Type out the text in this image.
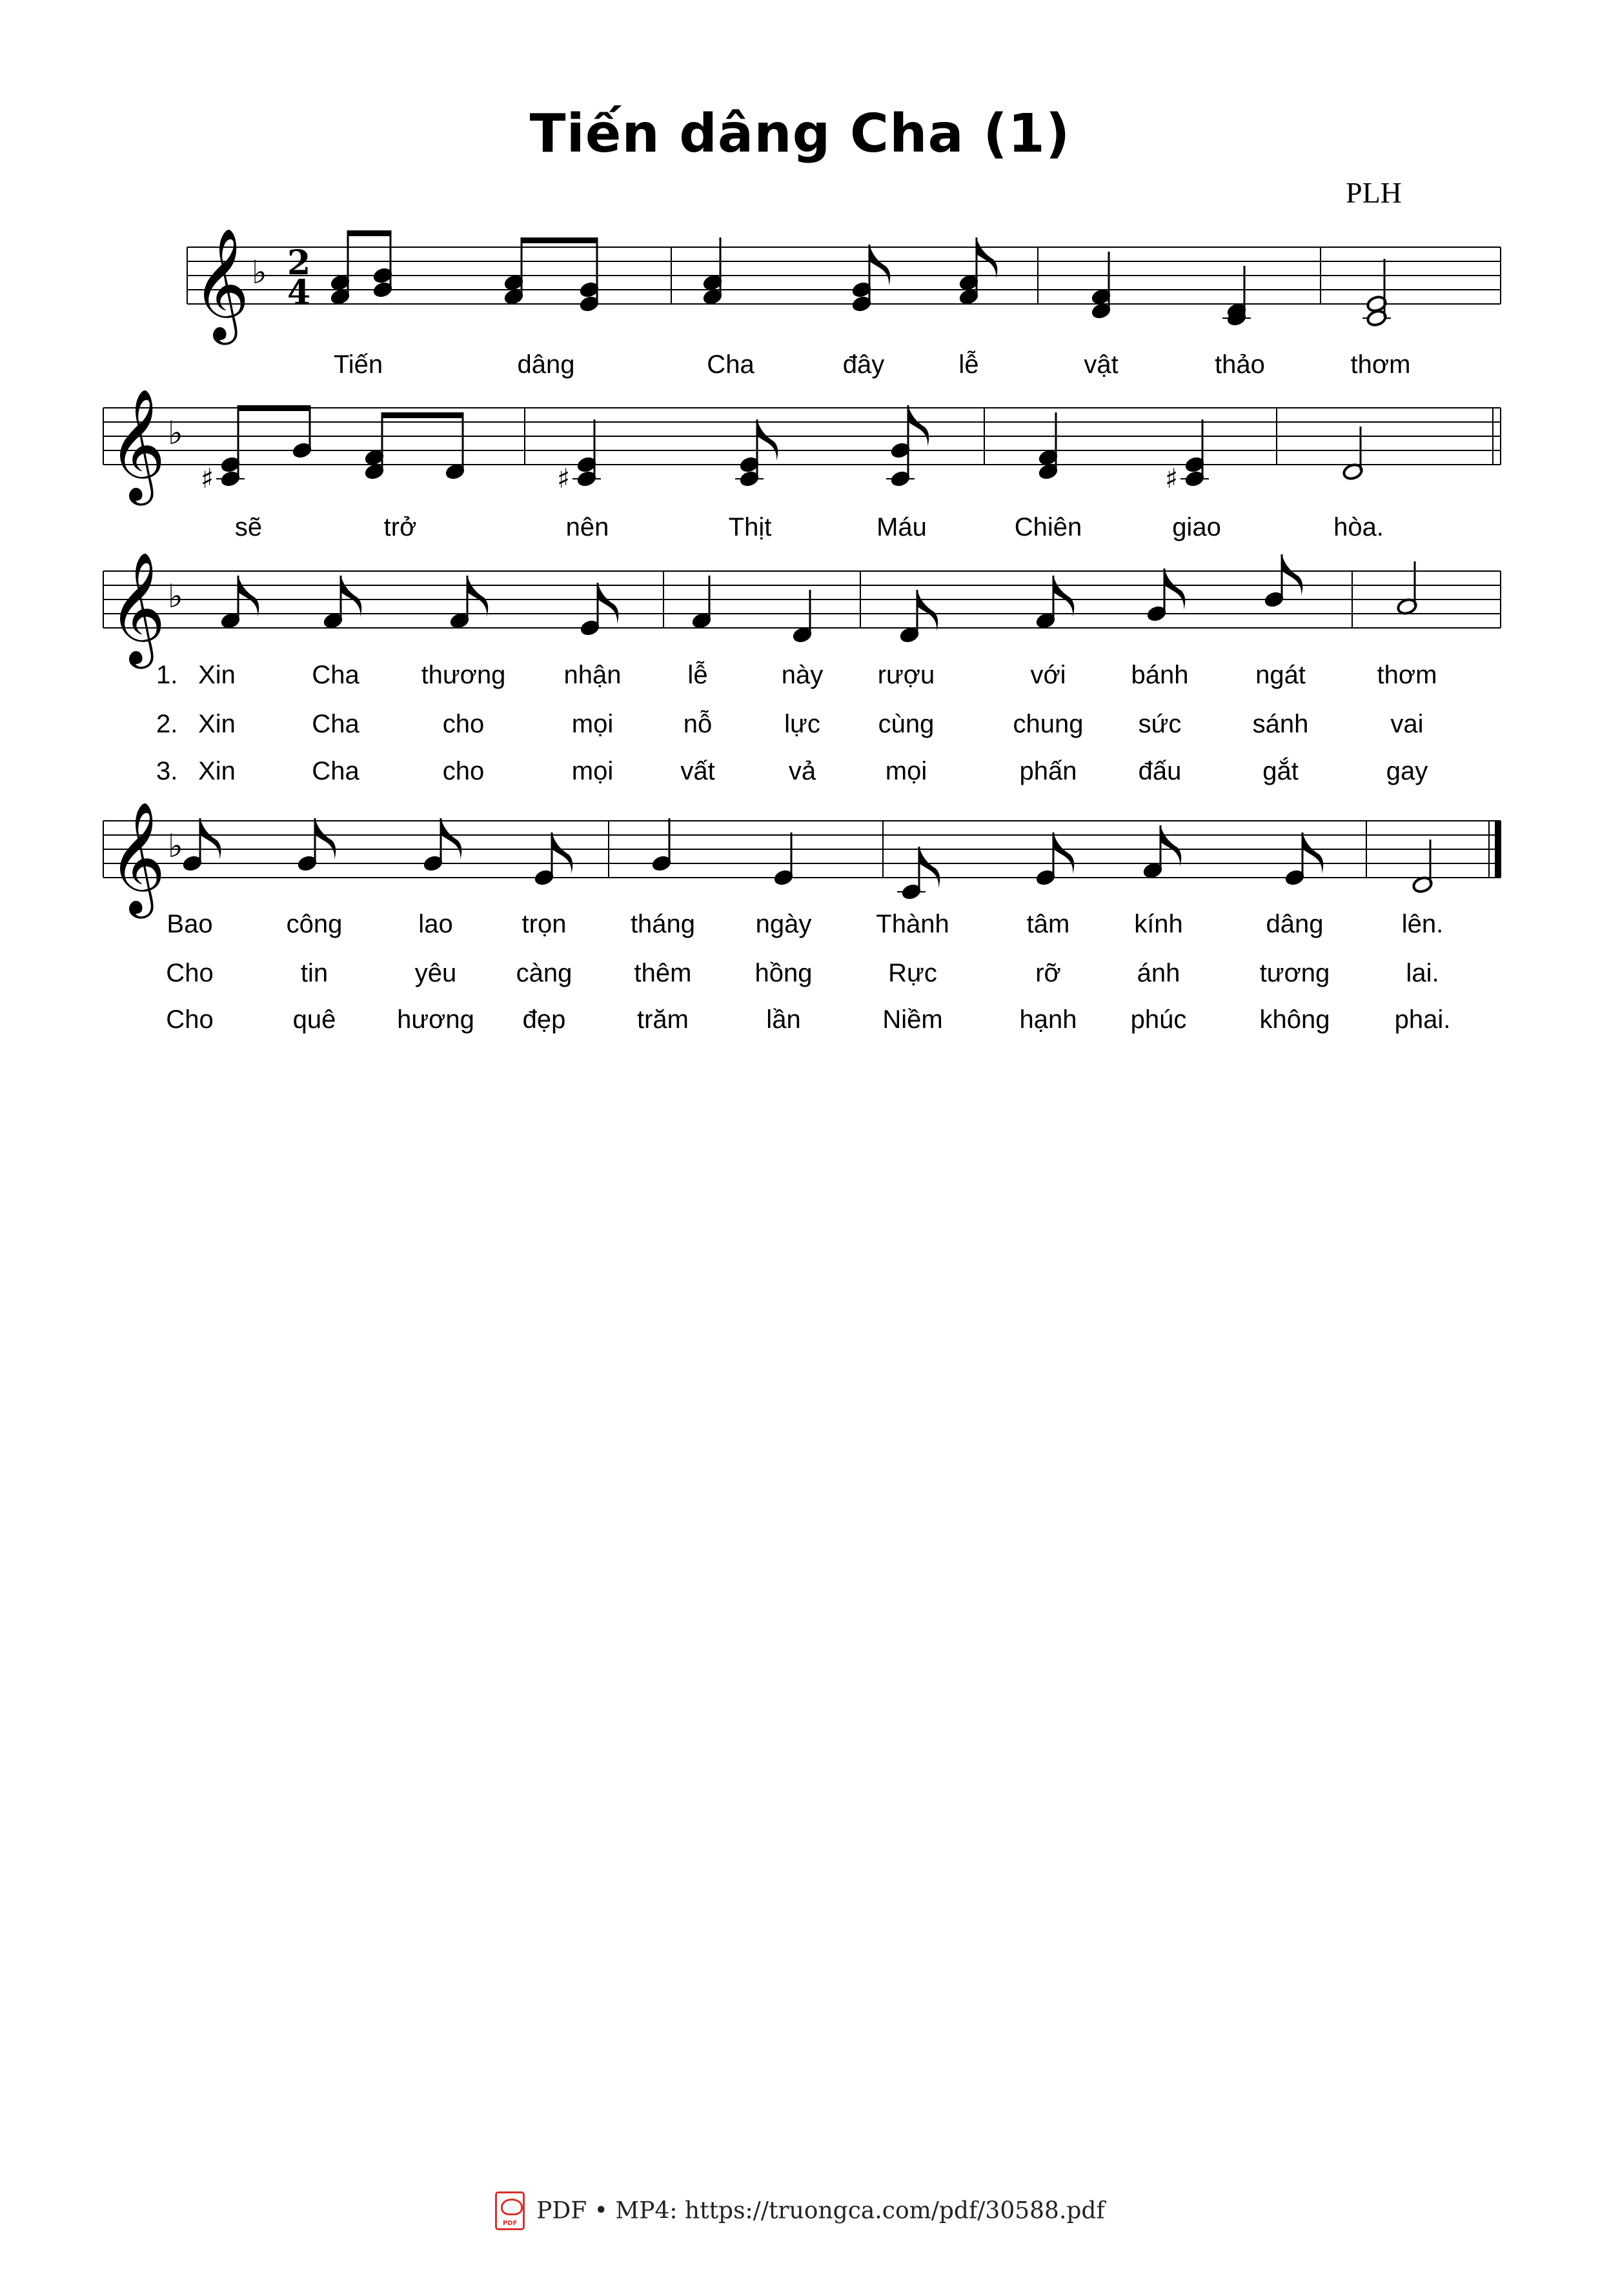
Tiến dâng Cha (1)
PLH
𝄞 ♭ 2
4
𝄞 ♭
♯	♯	♯
𝄞 ♭
𝄞 ♭
Tiến	dâng	Cha	đây	lễ	vật	thảo	thơm
sẽ	trở	nên	Thịt	Máu	Chiên	giao	hòa.
Xin	Cha thương nhận	lễ	này rượu	với	bánh	ngát	thơm
Xin	Cha	cho	mọi	nỗ	lực cùng	chung sức	sánh	vai
Xin	Cha	cho	mọi	vất	vả	mọi	phấn đấu	gắt	gay
1.
2.
3.
Bao	công	lao	trọn tháng ngày Thành	tâm kính	dâng	lên.
Cho	tin	yêu càng thêm hồng	Rực	rỡ	ánh	tương	lai.
Cho	quê hương đẹp	trăm	lần	Niềm	hạnh phúc	không	phai.
PDFPDF • MP4: https://truongca.com/pdf/30588.pdf
